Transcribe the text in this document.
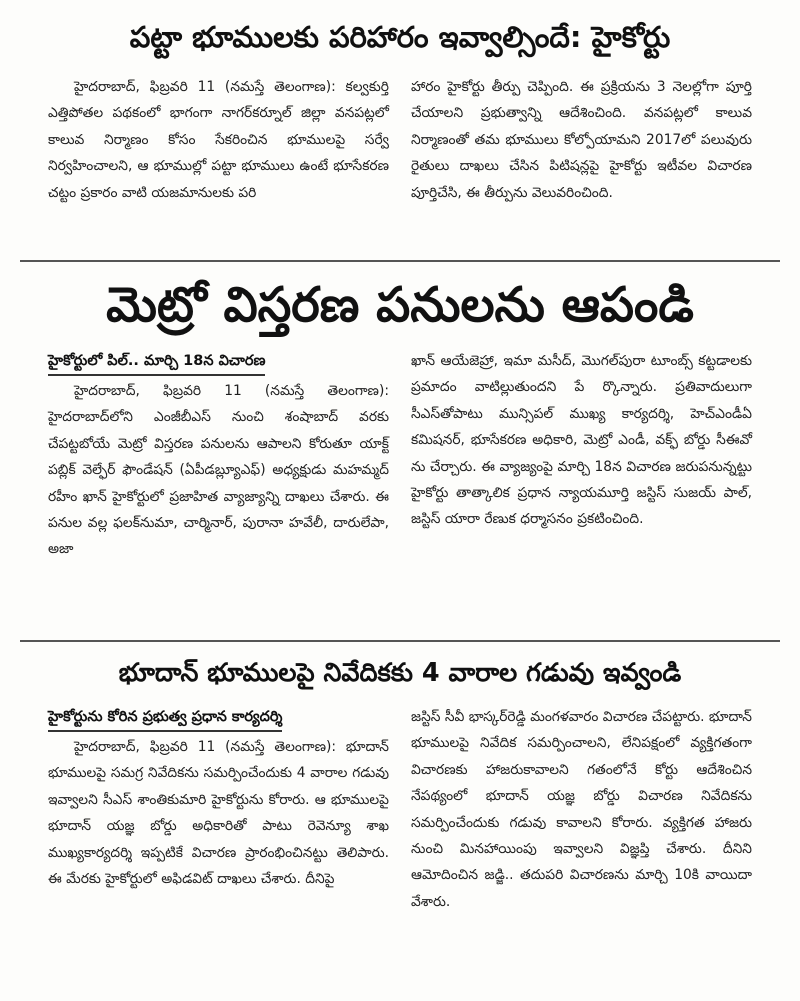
పట్టా భూములకు పరిహారం ఇవ్వాల్సిందే: హైకోర్టు

హైదరాబాద్, ఫిబ్రవరి 11 (నమస్తే తెలంగాణ): కల్వకుర్తి ఎత్తిపోతల పథకంలో భాగంగా నాగర్‌కర్నూల్ జిల్లా వనపట్లలో కాలువ నిర్మాణం కోసం సేకరించిన భూములపై సర్వే నిర్వహించాలని, ఆ భూముల్లో పట్టా భూములు ఉంటే భూసేకరణ చట్టం ప్రకారం వాటి యజమానులకు పరి

హారం హైకోర్టు తీర్పు చెప్పింది. ఈ ప్రక్రియను 3 నెలల్లోగా పూర్తి చేయాలని ప్రభుత్వాన్ని ఆదేశించింది. వనపట్లలో కాలువ నిర్మాణంతో తమ భూములు కోల్పోయామని 2017లో పలువురు రైతులు దాఖలు చేసిన పిటిషన్లపై హైకోర్టు ఇటీవల విచారణ పూర్తిచేసి, ఈ తీర్పును వెలువరించింది.

మెట్రో విస్తరణ పనులను ఆపండి
హైకోర్టులో పిల్.. మార్చి 18న విచారణ

హైదరాబాద్, ఫిబ్రవరి 11 (నమస్తే తెలంగాణ): హైదరాబాద్‌లోని ఎంజీబీఎస్ నుంచి శంషాబాద్ వరకు చేపట్టబోయే మెట్రో విస్తరణ పనులను ఆపాలని కోరుతూ యాక్ట్ పబ్లిక్ వెల్ఫేర్ ఫౌండేషన్ (ఏపీడబ్ల్యూఎఫ్) అధ్యక్షుడు మహమ్మద్ రహీం ఖాన్ హైకోర్టులో ప్రజాహిత వ్యాజ్యాన్ని దాఖలు చేశారు. ఈ పనుల వల్ల ఫలక్‌నుమా, చార్మినార్, పురానా హవేలీ, దారులేపా, అజా

ఖాన్ ఆయేజెహ్రా, ఇమా మసీద్, మొగల్‌పురా టూంబ్స్ కట్టడాలకు ప్రమాదం వాటిల్లుతుందని పే ర్కొన్నారు. ప్రతివాదులుగా సీఎస్‌తోపాటు మున్సిపల్ ముఖ్య కార్యదర్శి, హెచ్‌ఎండీఏ కమిషనర్, భూసేకరణ అధికారి, మెట్రో ఎండీ, వక్ఫ్ బోర్డు సీఈవో ను చేర్చారు. ఈ వ్యాజ్యంపై మార్చి 18న విచారణ జరుపనున్నట్టు హైకోర్టు తాత్కాలిక ప్రధాన న్యాయమూర్తి జస్టిస్ సుజయ్ పాల్, జస్టిస్ యారా రేణుక ధర్మాసనం ప్రకటించింది.

భూదాన్ భూములపై నివేదికకు 4 వారాల గడువు ఇవ్వండి
హైకోర్టును కోరిన ప్రభుత్వ ప్రధాన కార్యదర్శి

హైదరాబాద్, ఫిబ్రవరి 11 (నమస్తే తెలంగాణ): భూదాన్ భూములపై సమగ్ర నివేదికను సమర్పించేందుకు 4 వారాల గడువు ఇవ్వాలని సీఎస్ శాంతికుమారి హైకోర్టును కోరారు. ఆ భూములపై భూదాన్ యజ్ఞ బోర్డు అధికారితో పాటు రెవెన్యూ శాఖ ముఖ్యకార్యదర్శి ఇప్పటికే విచారణ ప్రారంభించినట్టు తెలిపారు. ఈ మేరకు హైకోర్టులో అఫిడవిట్ దాఖలు చేశారు. దీనిపై

జస్టిస్ సీవీ భాస్కర్‌రెడ్డి మంగళవారం విచారణ చేపట్టారు. భూదాన్ భూములపై నివేదిక సమర్పించాలని, లేనిపక్షంలో వ్యక్తిగతంగా విచారణకు హాజరుకావాలని గతంలోనే కోర్టు ఆదేశించిన నేపథ్యంలో భూదాన్ యజ్ఞ బోర్డు విచారణ నివేదికను సమర్పించేందుకు గడువు కావాలని కోరారు. వ్యక్తిగత హాజరు నుంచి మినహాయింపు ఇవ్వాలని విజ్ఞప్తి చేశారు. దీనిని ఆమోదించిన జడ్జి.. తదుపరి విచారణను మార్చి 10కి వాయిదా వేశారు.
